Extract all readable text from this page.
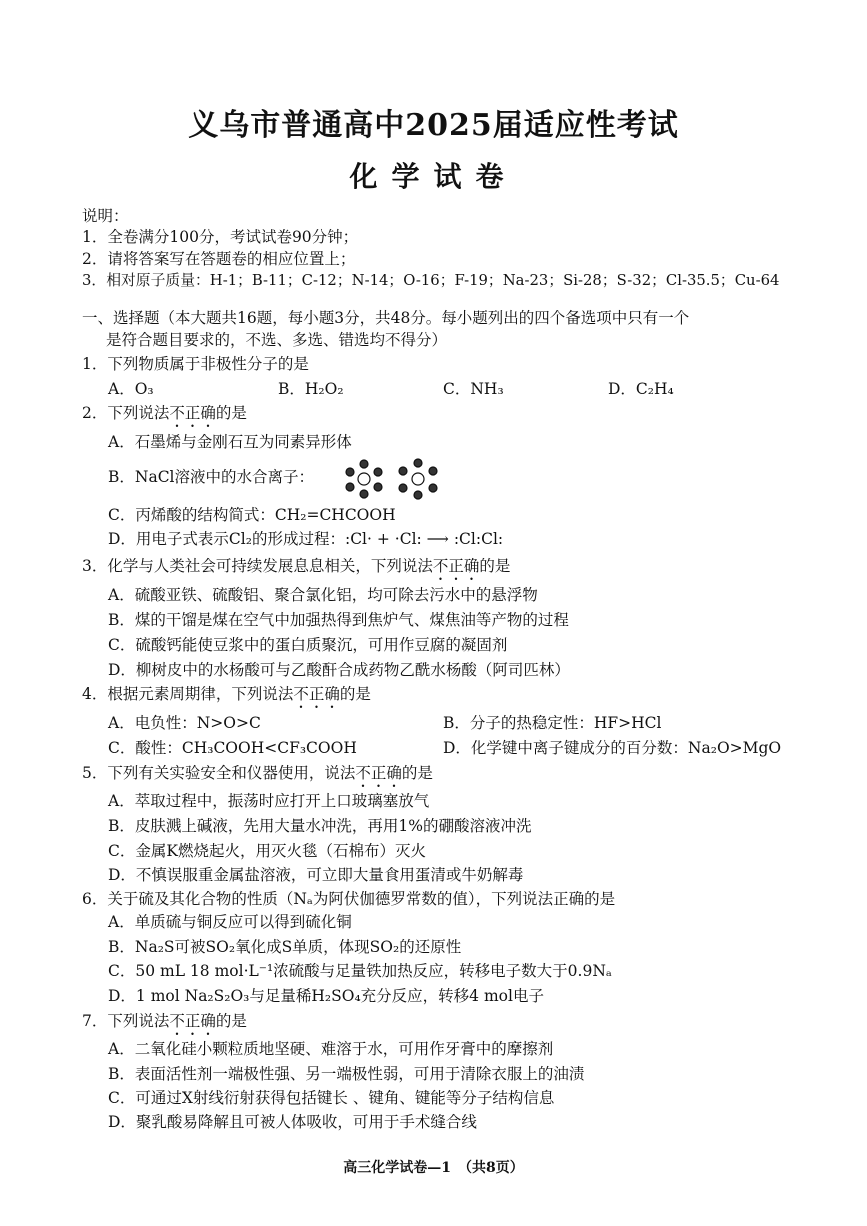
义乌市普通高中2025届适应性考试
化学试卷
说明：
1．全卷满分100分，考试试卷90分钟；
2．请将答案写在答题卷的相应位置上；
3．相对原子质量：H-1；B-11；C-12；N-14；O-16；F-19；Na-23；Si-28；S-32；Cl-35.5；Cu-64
一、选择题（本大题共16题，每小题3分，共48分。每小题列出的四个备选项中只有一个
是符合题目要求的，不选、多选、错选均不得分）
1．下列物质属于非极性分子的是
A．O₃	B．H₂O₂	C．NH₃	D．C₂H₄
2．下列说法不正确的是
A．石墨烯与金刚石互为同素异形体
B．NaCl溶液中的水合离子：
C．丙烯酸的结构简式：CH₂=CHCOOH
D．用电子式表示Cl₂的形成过程：:Cl· + ·Cl: ⟶ :Cl:Cl:
3．化学与人类社会可持续发展息息相关，下列说法不正确的是
A．硫酸亚铁、硫酸铝、聚合氯化铝，均可除去污水中的悬浮物
B．煤的干馏是煤在空气中加强热得到焦炉气、煤焦油等产物的过程
C．硫酸钙能使豆浆中的蛋白质聚沉，可用作豆腐的凝固剂
D．柳树皮中的水杨酸可与乙酸酐合成药物乙酰水杨酸（阿司匹林）
4．根据元素周期律，下列说法不正确的是
A．电负性：N>O>C	B．分子的热稳定性：HF>HCl
C．酸性：CH₃COOH<CF₃COOH	D．化学键中离子键成分的百分数：Na₂O>MgO
5．下列有关实验安全和仪器使用，说法不正确的是
A．萃取过程中，振荡时应打开上口玻璃塞放气
B．皮肤溅上碱液，先用大量水冲洗，再用1%的硼酸溶液冲洗
C．金属K燃烧起火，用灭火毯（石棉布）灭火
D．不慎误服重金属盐溶液，可立即大量食用蛋清或牛奶解毒
6．关于硫及其化合物的性质（Nₐ为阿伏伽德罗常数的值），下列说法正确的是
A．单质硫与铜反应可以得到硫化铜
B．Na₂S可被SO₂氧化成S单质，体现SO₂的还原性
C．50 mL 18 mol·L⁻¹浓硫酸与足量铁加热反应，转移电子数大于0.9Nₐ
D．1 mol Na₂S₂O₃与足量稀H₂SO₄充分反应，转移4 mol电子
7．下列说法不正确的是
A．二氧化硅小颗粒质地坚硬、难溶于水，可用作牙膏中的摩擦剂
B．表面活性剂一端极性强、另一端极性弱，可用于清除衣服上的油渍
C．可通过X射线衍射获得包括键长 、键角、键能等分子结构信息
D．聚乳酸易降解且可被人体吸收，可用于手术缝合线
高三化学试卷—1　（共8页）
